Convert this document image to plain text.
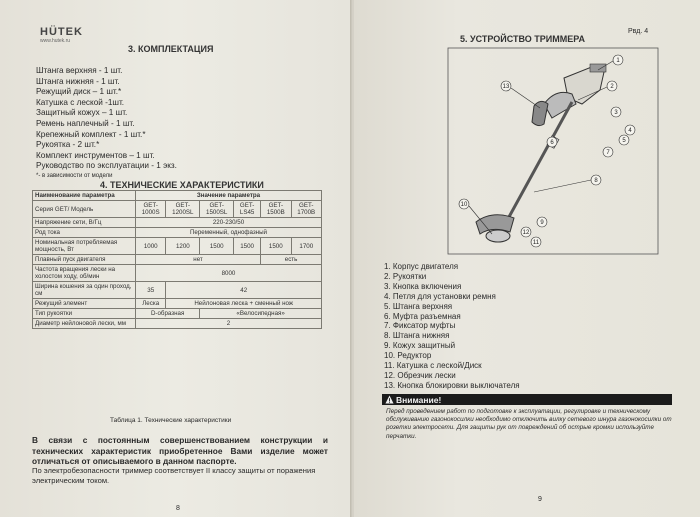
HÜTEK
www.hutek.ru
3. КОМПЛЕКТАЦИЯ
Штанга верхняя - 1 шт.
Штанга нижняя - 1 шт.
Режущий диск – 1 шт.*
Катушка с леской -1шт.
Защитный кожух – 1 шт.
Ремень наплечный - 1 шт.
Крепежный комплект - 1 шт.*
Рукоятка - 2 шт.*
Комплект инструментов – 1 шт.
Руководство по эксплуатации - 1 экз.
*- в зависимости от модели
4. ТЕХНИЧЕСКИЕ ХАРАКТЕРИСТИКИ
Наименование параметра	Значение параметра					
Серия GET/ Модель	GET-1000S	GET-1200SL	GET-1500SL	GET-LS45	GET-1500B	GET-1700B
Напряжение сети, В/Гц	220-230/50					
Род тока	Переменный, однофазный					
Номинальная потребляемая мощность, Вт	1000	1200	1500	1500	1500	1700
Плавный пуск двигателя	нет				есть	
Частота вращения лески на холостом ходу, об/мин	8000					
Ширина кошения за один проход, см	35	42				
Режущий элемент	Леска	Нейлоновая леска + сменный нож				
Тип рукоятки	D-образная		«Велосипедная»			
Диаметр нейлоновой лески, мм	2					
Таблица 1. Технические характеристики
В связи с постоянным совершенствованием конструкции и технических характеристик приобретенное Вами изделие может отличаться от описываемого в данном паспорте.
По электробезопасности триммер соответствует II классу защиты от поражения электрическим током.
8
Рвд. 4
5. УСТРОЙСТВО ТРИММЕРА
1
2
3
4
5
6
7
8
9
10
11
12
13
1. Корпус двигателя
2. Рукоятки
3. Кнопка включения
4. Петля для установки ремня
5. Штанга верхняя
6. Муфта разъемная
7. Фиксатор муфты
8. Штанга нижняя
9. Кожух защитный
10. Редуктор
11. Катушка с леской/Диск
12. Обрезчик лески
13. Кнопка блокировки выключателя
Внимание!
Перед проведением работ по подготовке к эксплуатации, регулировке и техническому обслуживанию газонокосилки необходимо отключить вилку сетевого шнура газонокосилки от розетки электросети. Для защиты рук от повреждений об острые кромки используйте перчатки.
9
